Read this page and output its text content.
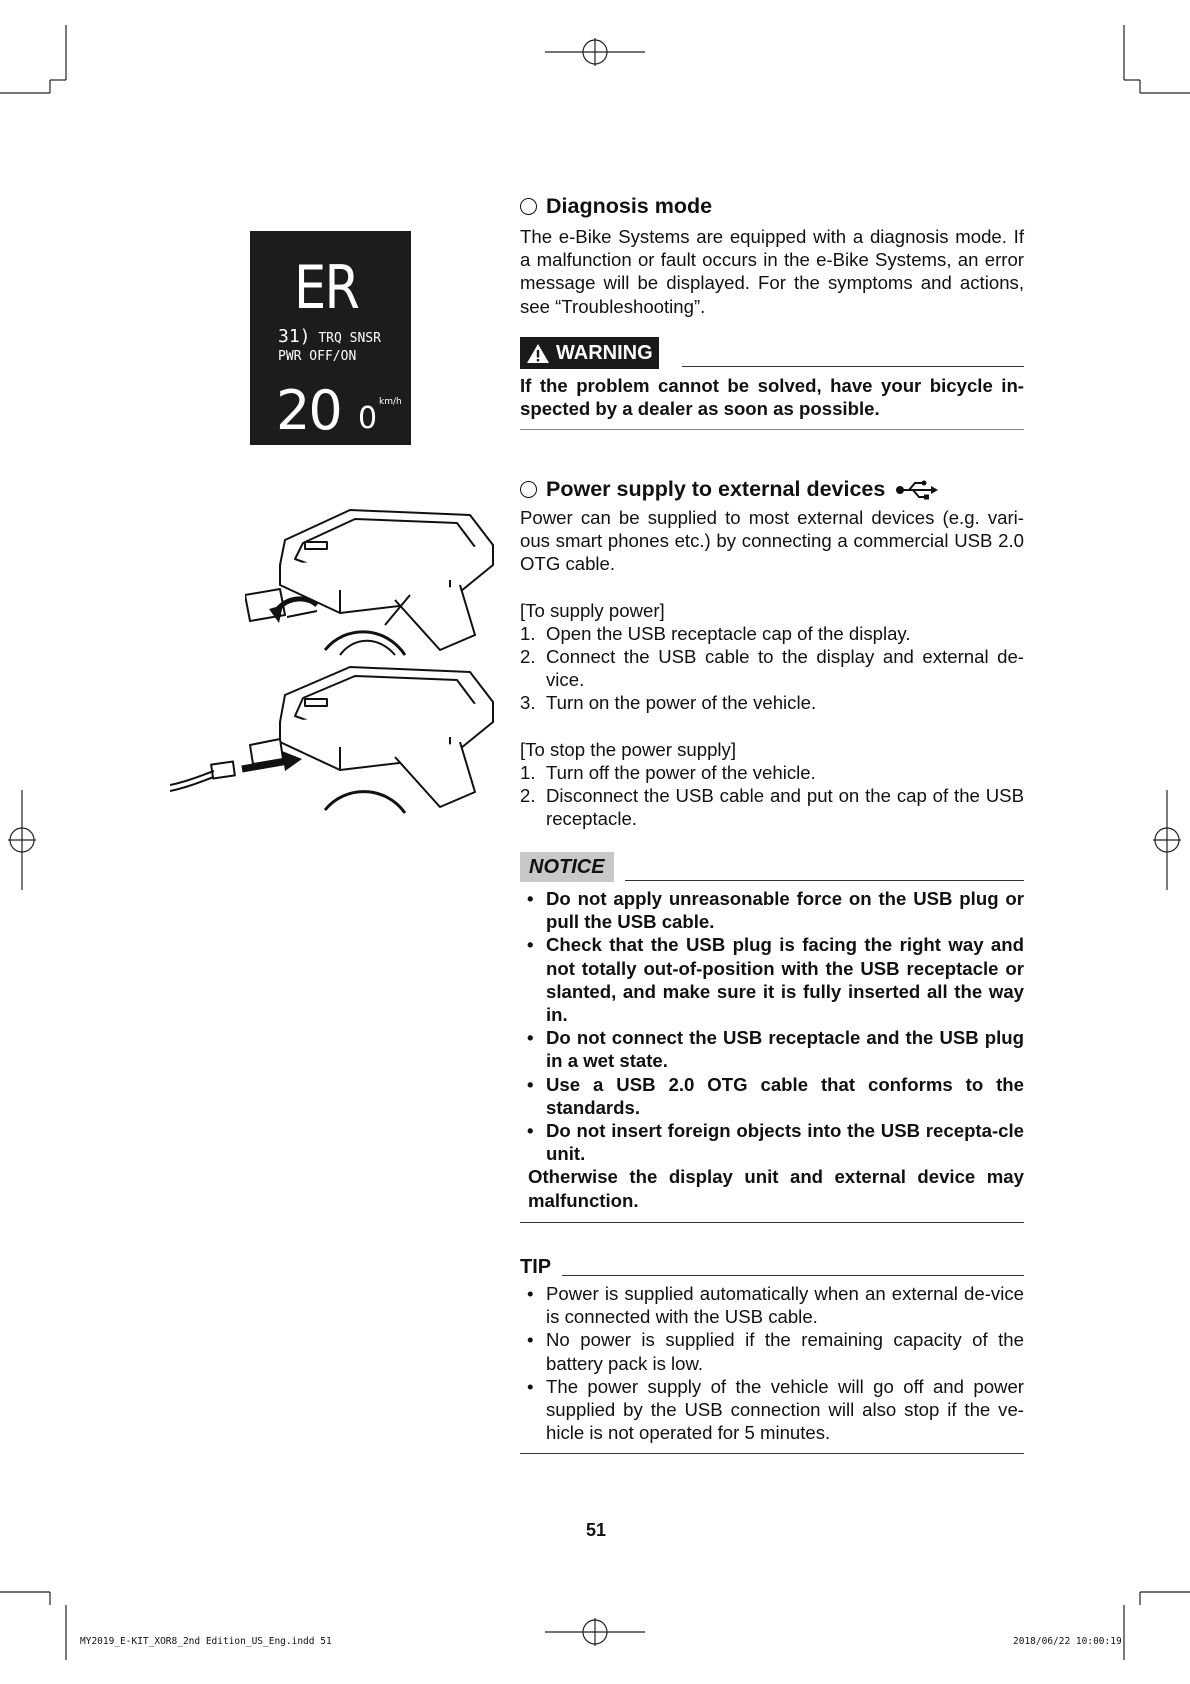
ER
31) TRQ SNSR
PWR OFF/ON
20 0 km/h
Diagnosis mode

The e-Bike Systems are equipped with a diagnosis mode. If a malfunction or fault occurs in the e-Bike Systems, an error message will be displayed. For the symptoms and actions, see “Troubleshooting”.

WARNING

If the problem cannot be solved, have your bicycle in-spected by a dealer as soon as possible.

Power supply to external devices

Power can be supplied to most external devices (e.g. vari-ous smart phones etc.) by connecting a commercial USB 2.0 OTG cable.

[To supply power]

1. Open the USB receptacle cap of the display.
2. Connect the USB cable to the display and external de-vice.
3. Turn on the power of the vehicle.

[To stop the power supply]

1. Turn off the power of the vehicle.
2. Disconnect the USB cable and put on the cap of the USB receptacle.
NOTICE
• Do not apply unreasonable force on the USB plug or pull the USB cable.
• Check that the USB plug is facing the right way and not totally out-of-position with the USB receptacle or slanted, and make sure it is fully inserted all the way in.
• Do not connect the USB receptacle and the USB plug in a wet state.
• Use a USB 2.0 OTG cable that conforms to the standards.
• Do not insert foreign objects into the USB recepta-cle unit.

Otherwise the display unit and external device may malfunction.

TIP
• Power is supplied automatically when an external de-vice is connected with the USB cable.
• No power is supplied if the remaining capacity of the battery pack is low.
• The power supply of the vehicle will go off and power supplied by the USB connection will also stop if the ve-hicle is not operated for 5 minutes.
51
MY2019_E-KIT_XOR8_2nd Edition_US_Eng.indd 51	2018/06/22 10:00:19
